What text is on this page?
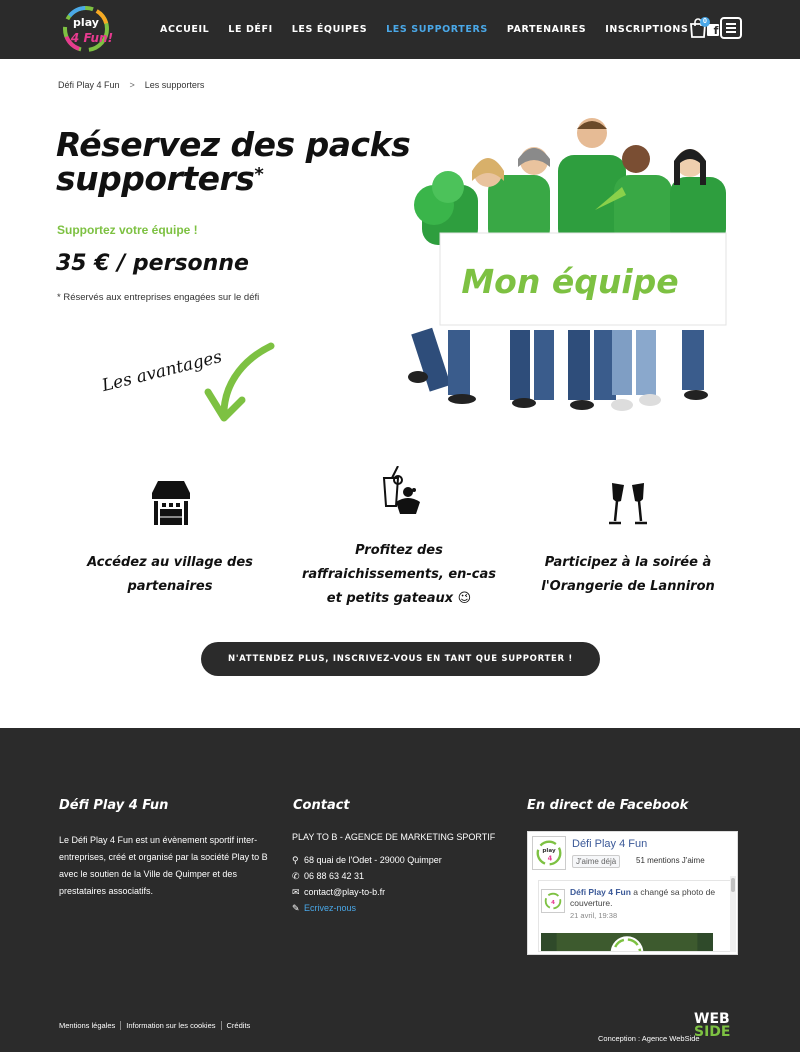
play
4 Fun!
ACCUEIL LE DÉFI LES ÉQUIPES LES SUPPORTERS PARTENAIRES INSCRIPTIONS	f
0
Défi Play 4 Fun > Les supporters
Réservez des packs
supporters*
Supportez votre équipe !
35 € / personne
* Réservés aux entreprises engagées sur le défi
Les avantages
Mon équipe
Accédez au village des
partenaires
Profitez des
raffraichissements, en-cas
et petits gateaux 😉
Participez à la soirée à
l'Orangerie de Lanniron
N'ATTENDEZ PLUS, INSCRIVEZ-VOUS EN TANT QUE SUPPORTER !
Défi Play 4 Fun	Contact	En direct de Facebook

Le Défi Play 4 Fun est un évènement sportif inter-entreprises, créé et organisé par la société Play to B avec le soutien de la Ville de Quimper et des prestataires associatifs.

PLAY TO B - AGENCE DE MARKETING SPORTIF
⚲ 68 quai de l'Odet - 29000 Quimper
✆ 06 88 63 42 31
✉ contact@play-to-b.fr
✎ Ecrivez-nous
play
4
Défi Play 4 Fun
J'aime déjà	51 mentions J'aime
4
Défi Play 4 Fun a changé sa photo de couverture.
21 avril, 19:38
Mentions légales	Information sur les cookies	Crédits
Conception : Agence WebSide
WEB
SIDE
